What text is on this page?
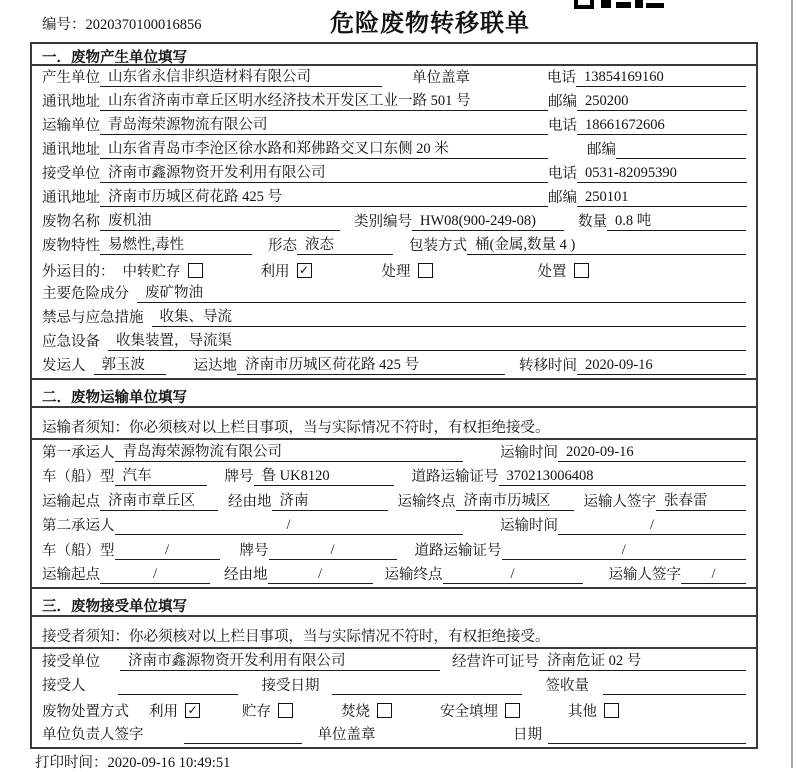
编号：2020370100016856	危险废物转移联单
一．废物产生单位填写
产生单位 山东省永信非织造材料有限公司	单位盖章	电话 13854169160
通讯地址 山东省济南市章丘区明水经济技术开发区工业一路 501 号	邮编 250200
运输单位 青岛海荣源物流有限公司	电话 18661672606
通讯地址 山东省青岛市李沧区徐水路和郑佛路交叉口东侧 20 米	邮编
接受单位 济南市鑫源物资开发利用有限公司	电话 0531-82095390
通讯地址 济南市历城区荷花路 425 号	邮编 250101
废物名称 废机油	类别编号 HW08(900-249-08)	数量 0.8 吨
废物特性 易燃性,毒性	形态 液态	包装方式 桶(金属,数量 4 )
外运目的： 中转贮存	利用 ✓	处理	处置
主要危险成分	废矿物油
禁忌与应急措施	收集、导流
应急设备	收集装置，导流渠
发运人	郭玉波	运达地 济南市历城区荷花路 425 号	转移时间 2020-09-16
二．废物运输单位填写
运输者须知：你必须核对以上栏目事项，当与实际情况不符时，有权拒绝接受。
第一承运人 青岛海荣源物流有限公司	运输时间 2020-09-16
车（船）型 汽车	牌号 鲁 UK8120	道路运输证号 370213006408
运输起点 济南市章丘区	经由地 济南	运输终点 济南市历城区	运输人签字 张春雷
第二承运人	/	运输时间	/
车（船）型	/	牌号	/	道路运输证号	/
运输起点	/	经由地	/	运输终点	/	运输人签字	/
三．废物接受单位填写
接受者须知：你必须核对以上栏目事项，当与实际情况不符时，有权拒绝接受。
接受单位	济南市鑫源物资开发利用有限公司	经营许可证号 济南危证 02 号
接受人	接受日期	签收量
废物处置方式 利用 ✓	贮存	焚烧	安全填埋	其他
单位负责人签字	单位盖章	日期
打印时间：2020-09-16 10:49:51
